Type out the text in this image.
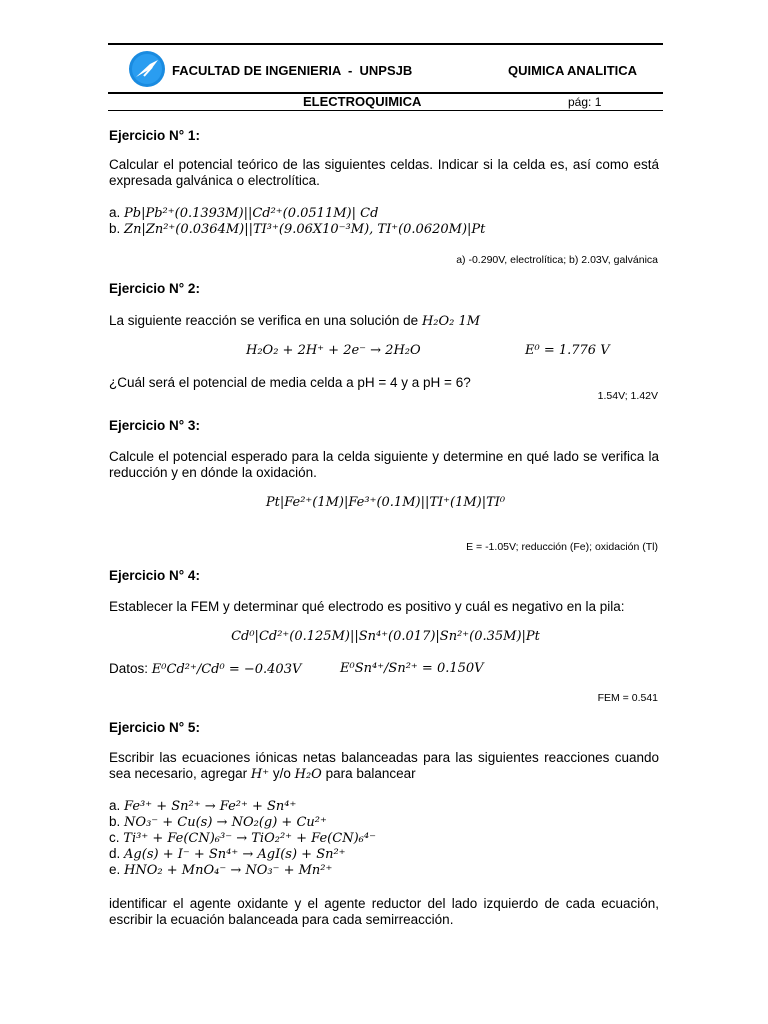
FACULTAD DE INGENIERIA  -  UNPSJB	QUIMICA ANALITICA
ELECTROQUIMICA	pág: 1
Ejercicio N° 1:
Calcular el potencial teórico de las siguientes celdas. Indicar si la celda es, así como está expresada galvánica o electrolítica.
a. Pb|Pb²⁺(0.1393M)||Cd²⁺(0.0511M)| Cd
b. Zn|Zn²⁺(0.0364M)||TI³⁺(9.06X10⁻³M), TI⁺(0.0620M)|Pt
a) -0.290V, electrolítica; b) 2.03V, galvánica
Ejercicio N° 2:
La siguiente reacción se verifica en una solución de H₂O₂ 1M
H₂O₂ + 2H⁺ + 2e⁻ → 2H₂O	E⁰ = 1.776 V
¿Cuál será el potencial de media celda a pH = 4 y a pH = 6?
1.54V; 1.42V
Ejercicio N° 3:
Calcule el potencial esperado para la celda siguiente y determine en qué lado se verifica la reducción y en dónde la oxidación.
Pt|Fe²⁺(1M)|Fe³⁺(0.1M)||TI⁺(1M)|TI⁰
E = -1.05V; reducción (Fe); oxidación (Tl)
Ejercicio N° 4:
Establecer la FEM y determinar qué electrodo es positivo y cuál es negativo en la pila:
Cd⁰|Cd²⁺(0.125M)||Sn⁴⁺(0.017)|Sn²⁺(0.35M)|Pt
Datos: E⁰Cd²⁺/Cd⁰ = −0.403V	E⁰Sn⁴⁺/Sn²⁺ = 0.150V
FEM = 0.541
Ejercicio N° 5:
Escribir las ecuaciones iónicas netas balanceadas para las siguientes reacciones cuando sea necesario, agregar H⁺ y/o H₂O para balancear
a. Fe³⁺ + Sn²⁺ → Fe²⁺ + Sn⁴⁺
b. NO₃⁻ + Cu(s) → NO₂(g) + Cu²⁺
c. Ti³⁺ + Fe(CN)₆³⁻ → TiO₂²⁺ + Fe(CN)₆⁴⁻
d. Ag(s) + I⁻ + Sn⁴⁺ → AgI(s) + Sn²⁺
e. HNO₂ + MnO₄⁻ → NO₃⁻ + Mn²⁺
identificar el agente oxidante y el agente reductor del lado izquierdo de cada ecuación, escribir la ecuación balanceada para cada semirreacción.
